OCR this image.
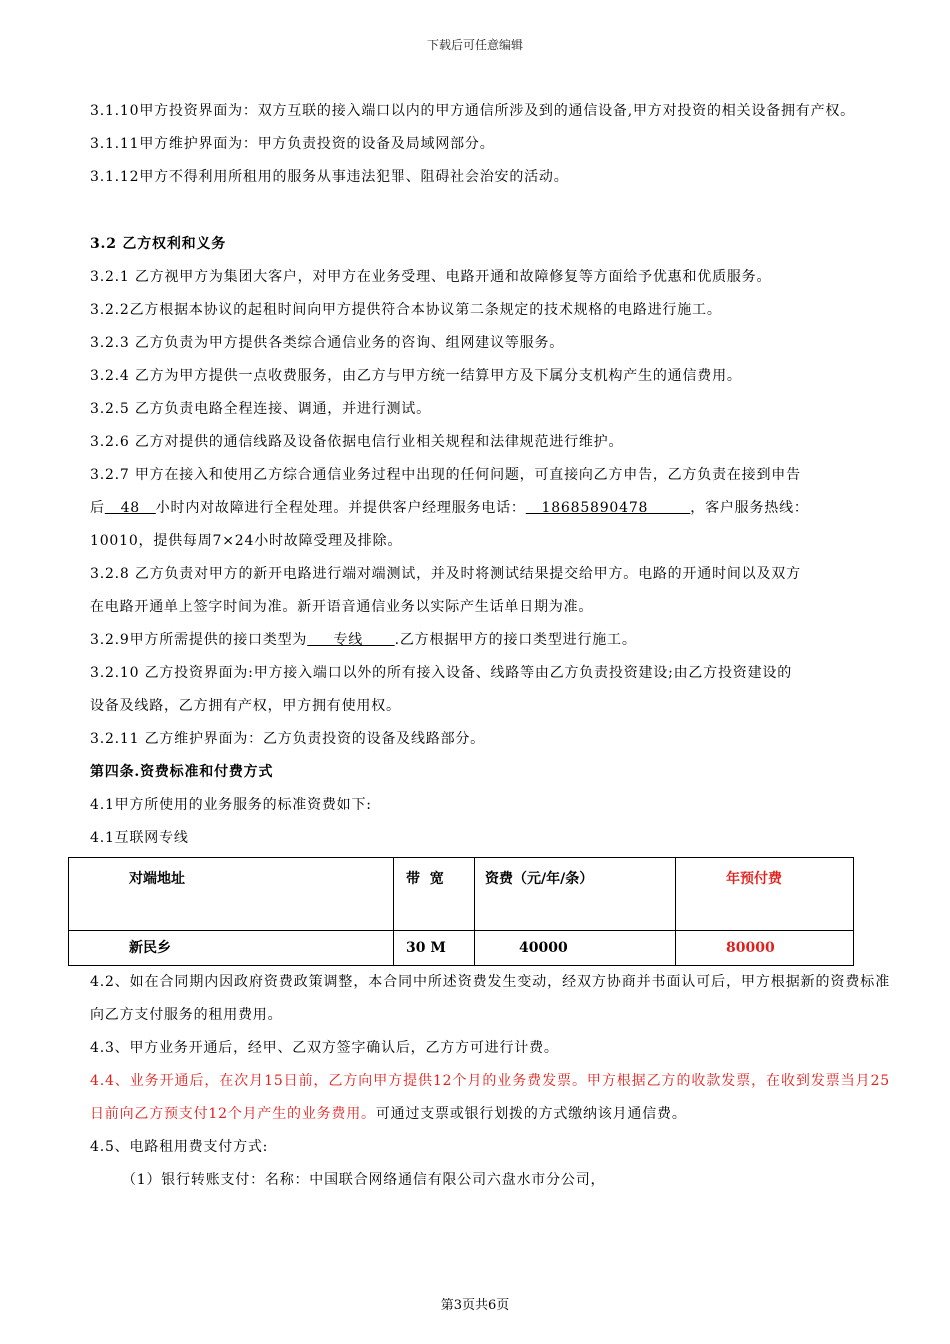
下载后可任意编辑

3.1.10甲方投资界面为：双方互联的接入端口以内的甲方通信所涉及到的通信设备,甲方对投资的相关设备拥有产权。

3.1.11甲方维护界面为：甲方负责投资的设备及局域网部分。

3.1.12甲方不得利用所租用的服务从事违法犯罪、阻碍社会治安的活动。

3.2 乙方权利和义务

3.2.1 乙方视甲方为集团大客户，对甲方在业务受理、电路开通和故障修复等方面给予优惠和优质服务。

3.2.2乙方根据本协议的起租时间向甲方提供符合本协议第二条规定的技术规格的电路进行施工。

3.2.3 乙方负责为甲方提供各类综合通信业务的咨询、组网建议等服务。

3.2.4 乙方为甲方提供一点收费服务，由乙方与甲方统一结算甲方及下属分支机构产生的通信费用。

3.2.5 乙方负责电路全程连接、调通，并进行测试。

3.2.6 乙方对提供的通信线路及设备依据电信行业相关规程和法律规范进行维护。

3.2.7 甲方在接入和使用乙方综合通信业务过程中出现的任何问题，可直接向乙方申告，乙方负责在接到申告

后   48   小时内对故障进行全程处理。并提供客户经理服务电话：   18685890478        ，客户服务热线：

10010，提供每周7×24小时故障受理及排除。

3.2.8 乙方负责对甲方的新开电路进行端对端测试，并及时将测试结果提交给甲方。电路的开通时间以及双方

在电路开通单上签字时间为准。新开语音通信业务以实际产生话单日期为准。

3.2.9甲方所需提供的接口类型为     专线      .乙方根据甲方的接口类型进行施工。

3.2.10 乙方投资界面为:甲方接入端口以外的所有接入设备、线路等由乙方负责投资建设;由乙方投资建设的

设备及线路，乙方拥有产权，甲方拥有使用权。

3.2.11 乙方维护界面为：乙方负责投资的设备及线路部分。

第四条.资费标准和付费方式

4.1甲方所使用的业务服务的标准资费如下:

4.1互联网专线

对端地址	带  宽	资费（元/年/条）	年预付费
新民乡	30 M	40000	80000

4.2、如在合同期内因政府资费政策调整，本合同中所述资费发生变动，经双方协商并书面认可后，甲方根据新的资费标准向乙方支付服务的租用费用。

4.3、甲方业务开通后，经甲、乙双方签字确认后，乙方方可进行计费。

4.4、业务开通后，在次月15日前，乙方向甲方提供12个月的业务费发票。甲方根据乙方的收款发票，在收到发票当月25日前向乙方预支付12个月产生的业务费用。可通过支票或银行划拨的方式缴纳该月通信费。

4.5、电路租用费支付方式:

（1）银行转账支付：名称：中国联合网络通信有限公司六盘水市分公司，

第3页共6页
